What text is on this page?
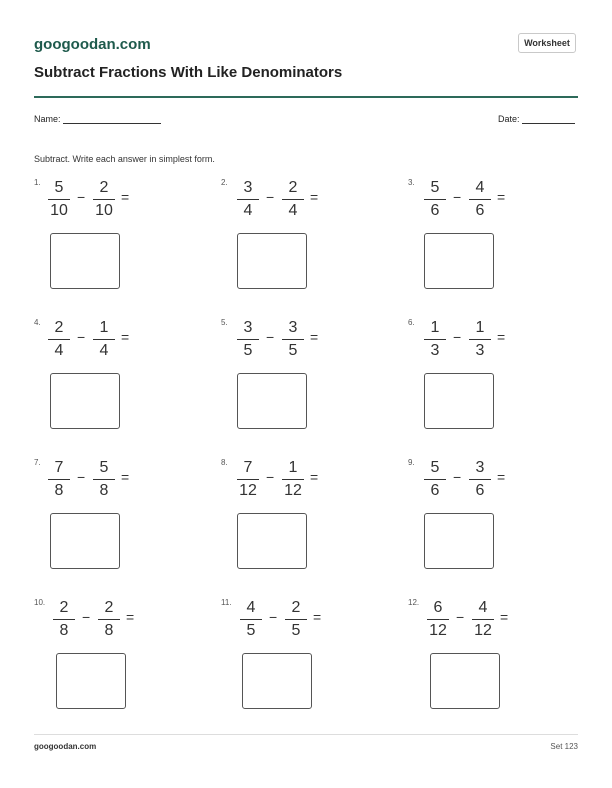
googoodan.com	Worksheet
Subtract Fractions With Like Denominators
Name:	Date:
Subtract. Write each answer in simplest form.
1. 5
10
−
2
10
=
2. 3
4
−
2
4
=
3. 5
6
−
4
6
=
4. 2
4
−
1
4
=
5. 3
5
−
3
5
=
6. 1
3
−
1
3
=
7. 7
8
−
5
8
=
8. 7
12
−
1
12
=
9. 5
6
−
3
6
=
10. 2
8
−
2
8
=
11. 4
5
−
2
5
=
12. 6
12
−
4
12
=
googoodan.com	Set 123
